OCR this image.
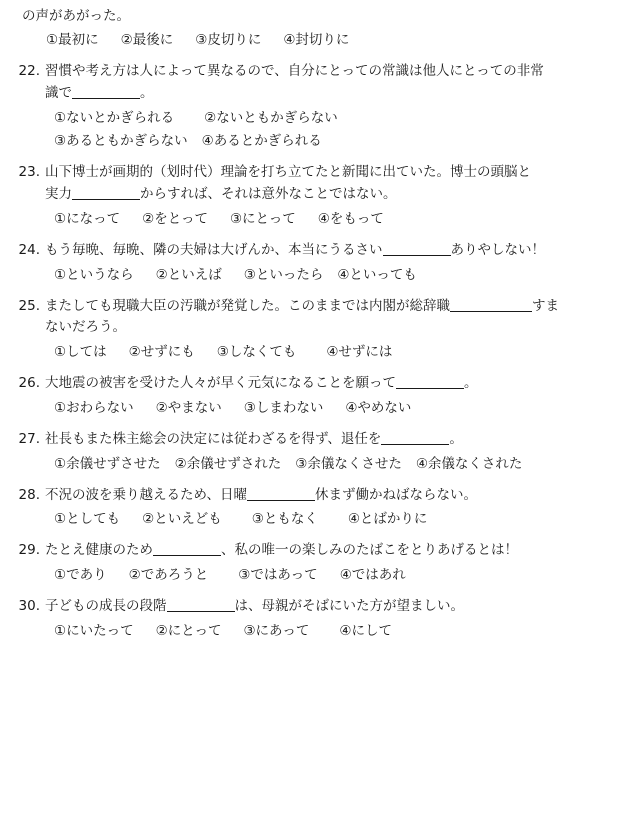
の声があがった。
①最初に ②最後に ③皮切りに ④封切りに
22. 習慣や考え方は人によって異なるので、自分にとっての常識は他人にとっての非常
識で	。
①ないとかぎられる ②ないともかぎらない
③あるともかぎらない ④あるとかぎられる
23. 山下博士が画期的（划时代）理論を打ち立てたと新聞に出ていた。博士の頭脳と
実力	からすれば、それは意外なことではない。
①になって ②をとって ③にとって ④をもって
24. もう毎晩、毎晩、隣の夫婦は大げんか、本当にうるさい	ありやしない！
①というなら ②といえば ③といったら ④といっても
25. またしても現職大臣の汚職が発覚した。このままでは内閣が総辞職	すま
ないだろう。
①しては ②せずにも ③しなくても ④せずには
26. 大地震の被害を受けた人々が早く元気になることを願って	。
①おわらない ②やまない ③しまわない ④やめない
27. 社長もまた株主総会の決定には従わざるを得ず、退任を	。
①余儀せずさせた ②余儀せずされた ③余儀なくさせた ④余儀なくされた
28. 不況の波を乗り越えるため、日曜	休まず働かねばならない。
①としても ②といえども ③ともなく ④とばかりに
29. たとえ健康のため	、私の唯一の楽しみのたばこをとりあげるとは！
①であり ②であろうと ③ではあって ④ではあれ
30. 子どもの成長の段階	は、母親がそばにいた方が望ましい。
①にいたって ②にとって ③にあって ④にして
